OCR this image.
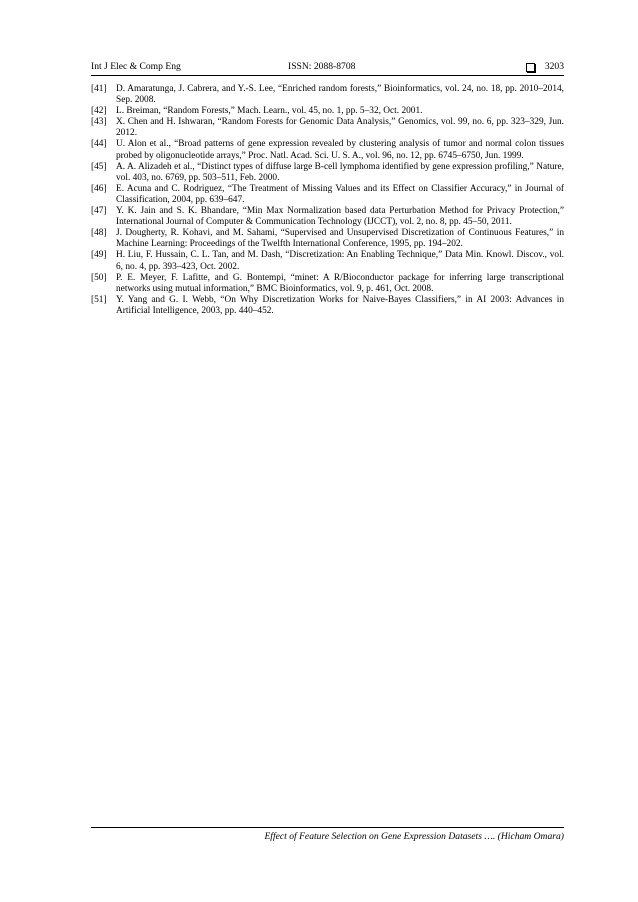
Int J Elec & Comp Eng	ISSN: 2088-8708	3203
[41] D. Amaratunga, J. Cabrera, and Y.-S. Lee, “Enriched random forests,” Bioinformatics, vol. 24, no. 18, pp. 2010–2014, Sep. 2008.
[42] L. Breiman, “Random Forests,” Mach. Learn., vol. 45, no. 1, pp. 5–32, Oct. 2001.
[43] X. Chen and H. Ishwaran, “Random Forests for Genomic Data Analysis,” Genomics, vol. 99, no. 6, pp. 323–329, Jun. 2012.
[44] U. Alon et al., “Broad patterns of gene expression revealed by clustering analysis of tumor and normal colon tissues probed by oligonucleotide arrays,” Proc. Natl. Acad. Sci. U. S. A., vol. 96, no. 12, pp. 6745–6750, Jun. 1999.
[45] A. A. Alizadeh et al., “Distinct types of diffuse large B-cell lymphoma identified by gene expression profiling,” Nature, vol. 403, no. 6769, pp. 503–511, Feb. 2000.
[46] E. Acuna and C. Rodriguez, “The Treatment of Missing Values and its Effect on Classifier Accuracy,” in Journal of Classification, 2004, pp. 639–647.
[47] Y. K. Jain and S. K. Bhandare, “Min Max Normalization based data Perturbation Method for Privacy Protection,” International Journal of Computer & Communication Technology (IJCCT), vol. 2, no. 8, pp. 45–50, 2011.
[48] J. Dougherty, R. Kohavi, and M. Sahami, “Supervised and Unsupervised Discretization of Continuous Features,” in Machine Learning: Proceedings of the Twelfth International Conference, 1995, pp. 194–202.
[49] H. Liu, F. Hussain, C. L. Tan, and M. Dash, “Discretization: An Enabling Technique,” Data Min. Knowl. Discov., vol. 6, no. 4, pp. 393–423, Oct. 2002.
[50] P. E. Meyer, F. Lafitte, and G. Bontempi, “minet: A R/Bioconductor package for inferring large transcriptional networks using mutual information,” BMC Bioinformatics, vol. 9, p. 461, Oct. 2008.
[51] Y. Yang and G. I. Webb, “On Why Discretization Works for Naive-Bayes Classifiers,” in AI 2003: Advances in Artificial Intelligence, 2003, pp. 440–452.
Effect of Feature Selection on Gene Expression Datasets …. (Hicham Omara)
